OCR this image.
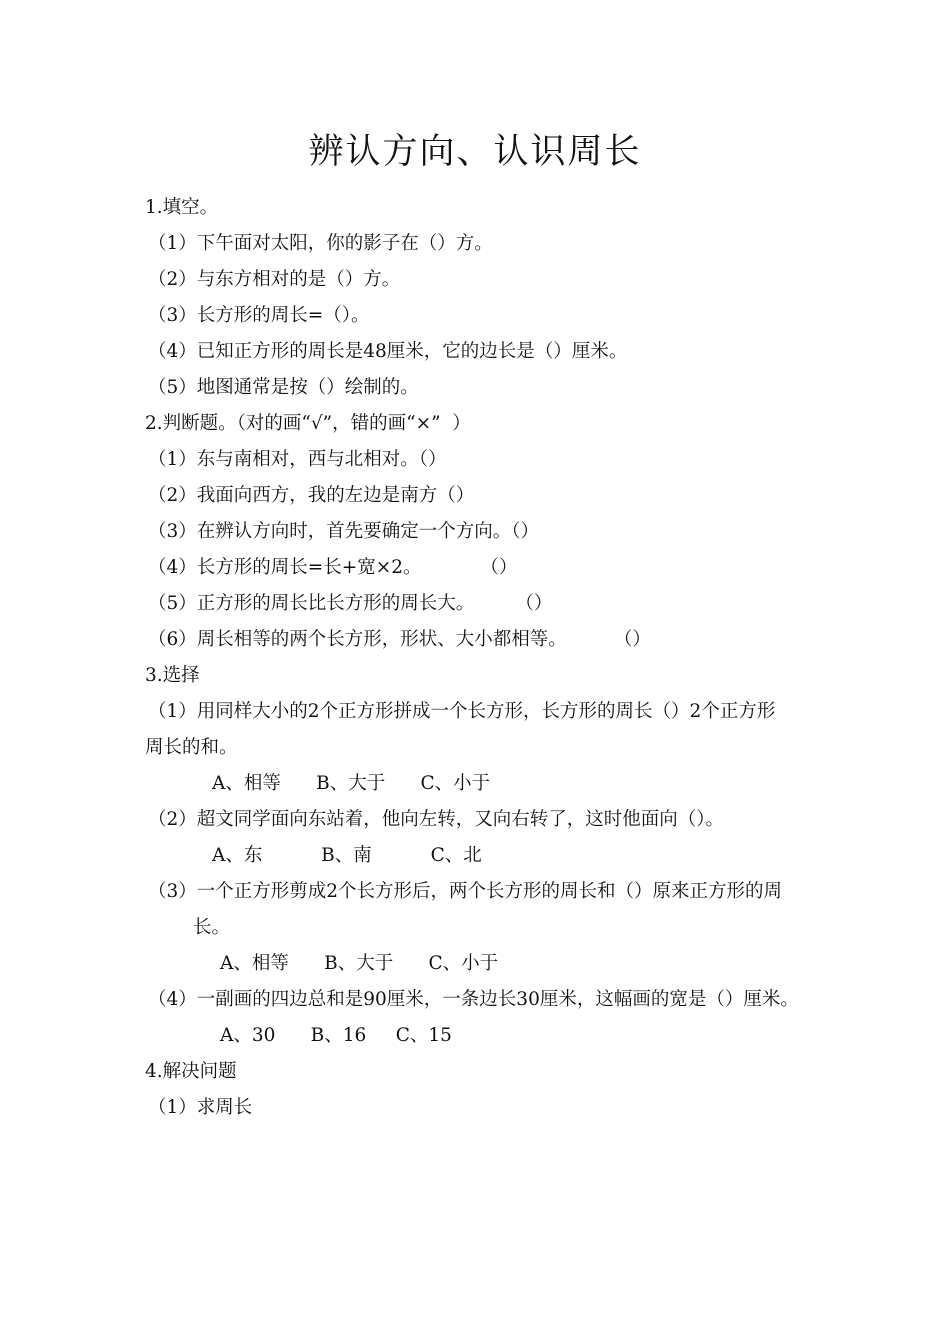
辨认方向、认识周长
1.填空。
（1）下午面对太阳，你的影子在（）方。
（2）与东方相对的是（）方。
（3）长方形的周长=（）。
（4）已知正方形的周长是48厘米，它的边长是（）厘米。
（5）地图通常是按（）绘制的。
2.判断题。（对的画“√”，错的画“×”  ）
（1）东与南相对，西与北相对。（）
（2）我面向西方，我的左边是南方（）
（3）在辨认方向时，首先要确定一个方向。（）
（4）长方形的周长=长+宽×2。          （）
（5）正方形的周长比长方形的周长大。       （）
（6）周长相等的两个长方形，形状、大小都相等。        （）
3.选择
（1）用同样大小的2个正方形拼成一个长方形，长方形的周长（）2个正方形
周长的和。
A、相等      B、大于      C、小于
（2）超文同学面向东站着，他向左转，又向右转了，这时他面向（）。
A、东          B、南          C、北
（3）一个正方形剪成2个长方形后，两个长方形的周长和（）原来正方形的周
长。
A、相等      B、大于      C、小于
（4）一副画的四边总和是90厘米，一条边长30厘米，这幅画的宽是（）厘米。
A、30      B、16     C、15
4.解决问题
（1）求周长
